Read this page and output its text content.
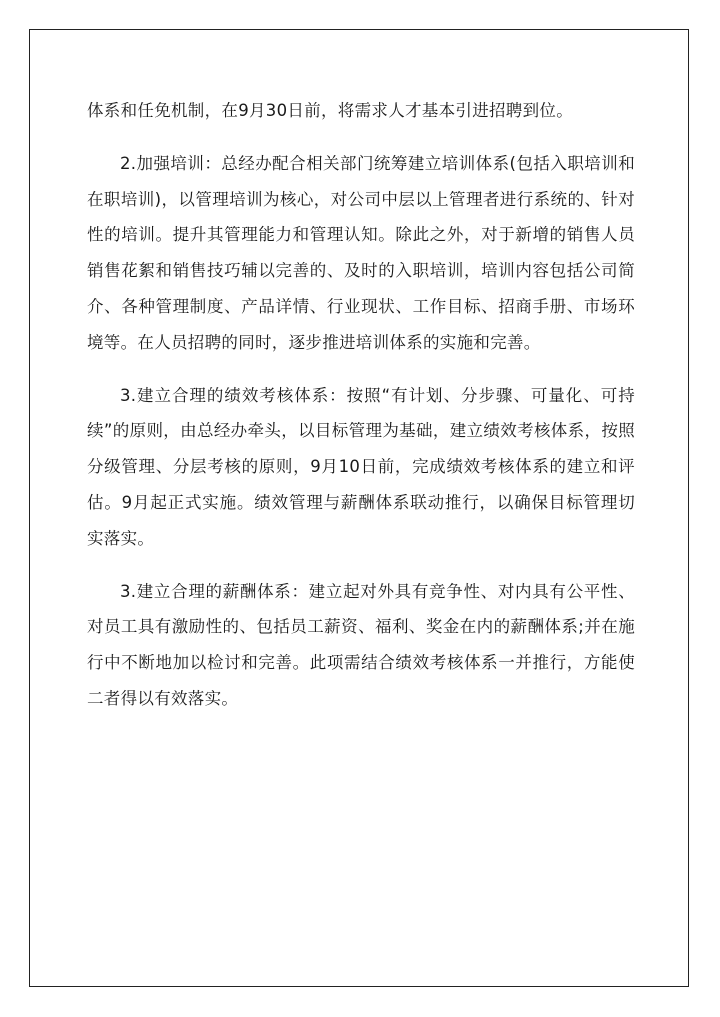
体系和任免机制，在9月30日前，将需求人才基本引进招聘到位。

2.加强培训：总经办配合相关部门统筹建立培训体系(包括入职培训和在职培训)，以管理培训为核心，对公司中层以上管理者进行系统的、针对性的培训。提升其管理能力和管理认知。除此之外，对于新增的销售人员销售花絮和销售技巧辅以完善的、及时的入职培训，培训内容包括公司简介、各种管理制度、产品详情、行业现状、工作目标、招商手册、市场环境等。在人员招聘的同时，逐步推进培训体系的实施和完善。

3.建立合理的绩效考核体系：按照“有计划、分步骤、可量化、可持续”的原则，由总经办牵头，以目标管理为基础，建立绩效考核体系，按照分级管理、分层考核的原则，9月10日前，完成绩效考核体系的建立和评估。9月起正式实施。绩效管理与薪酬体系联动推行，以确保目标管理切实落实。

3.建立合理的薪酬体系：建立起对外具有竞争性、对内具有公平性、对员工具有激励性的、包括员工薪资、福利、奖金在内的薪酬体系;并在施行中不断地加以检讨和完善。此项需结合绩效考核体系一并推行，方能使二者得以有效落实。
